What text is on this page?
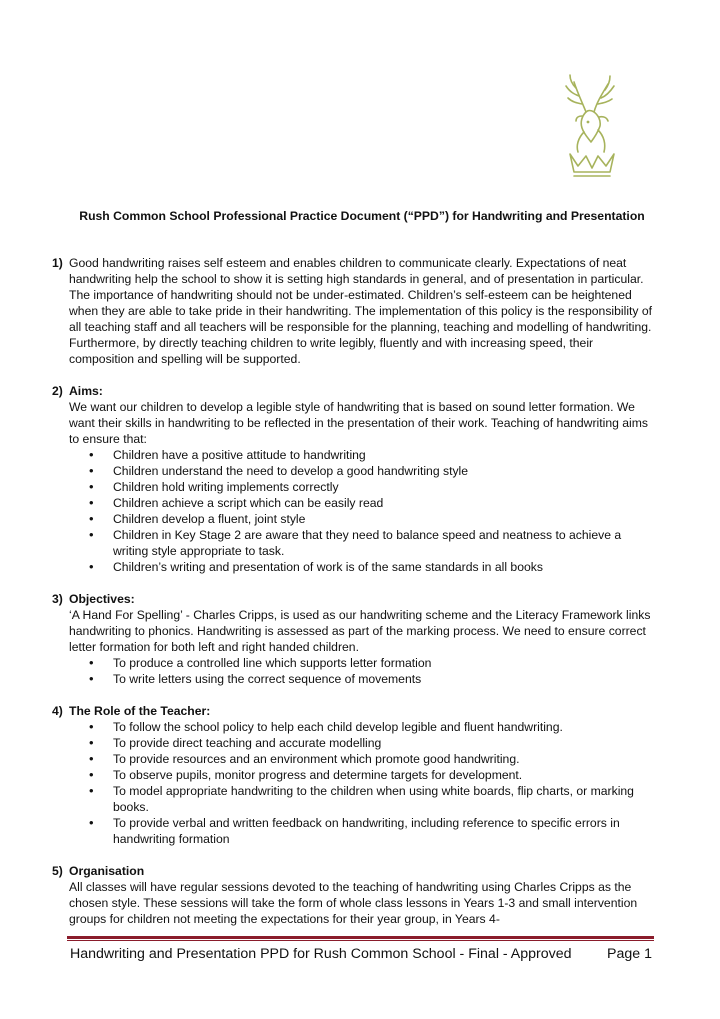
Rush Common School Professional Practice Document (“PPD”) for Handwriting and Presentation
1) Good handwriting raises self esteem and enables children to communicate clearly. Expectations of neat handwriting help the school to show it is setting high standards in general, and of presentation in particular. The importance of handwriting should not be under-estimated. Children’s self-esteem can be heightened when they are able to take pride in their handwriting. The implementation of this policy is the responsibility of all teaching staff and all teachers will be responsible for the planning, teaching and modelling of handwriting. Furthermore, by directly teaching children to write legibly, fluently and with increasing speed, their composition and spelling will be supported.
2) Aims:
We want our children to develop a legible style of handwriting that is based on sound letter formation. We want their skills in handwriting to be reflected in the presentation of their work. Teaching of handwriting aims to ensure that:
• Children have a positive attitude to handwriting
• Children understand the need to develop a good handwriting style
• Children hold writing implements correctly
• Children achieve a script which can be easily read
• Children develop a fluent, joint style
• Children in Key Stage 2 are aware that they need to balance speed and neatness to achieve a writing style appropriate to task.
• Children’s writing and presentation of work is of the same standards in all books
3) Objectives:
‘A Hand For Spelling’ - Charles Cripps, is used as our handwriting scheme and the Literacy Framework links handwriting to phonics. Handwriting is assessed as part of the marking process. We need to ensure correct letter formation for both left and right handed children.
• To produce a controlled line which supports letter formation
• To write letters using the correct sequence of movements
4) The Role of the Teacher:
• To follow the school policy to help each child develop legible and fluent handwriting.
• To provide direct teaching and accurate modelling
• To provide resources and an environment which promote good handwriting.
• To observe pupils, monitor progress and determine targets for development.
• To model appropriate handwriting to the children when using white boards, flip charts, or marking books.
• To provide verbal and written feedback on handwriting, including reference to specific errors in handwriting formation
5) Organisation
All classes will have regular sessions devoted to the teaching of handwriting using Charles Cripps as the chosen style. These sessions will take the form of whole class lessons in Years 1-3 and small intervention groups for children not meeting the expectations for their year group, in Years 4-
Handwriting and Presentation PPD for Rush Common School - Final - Approved Page 1
